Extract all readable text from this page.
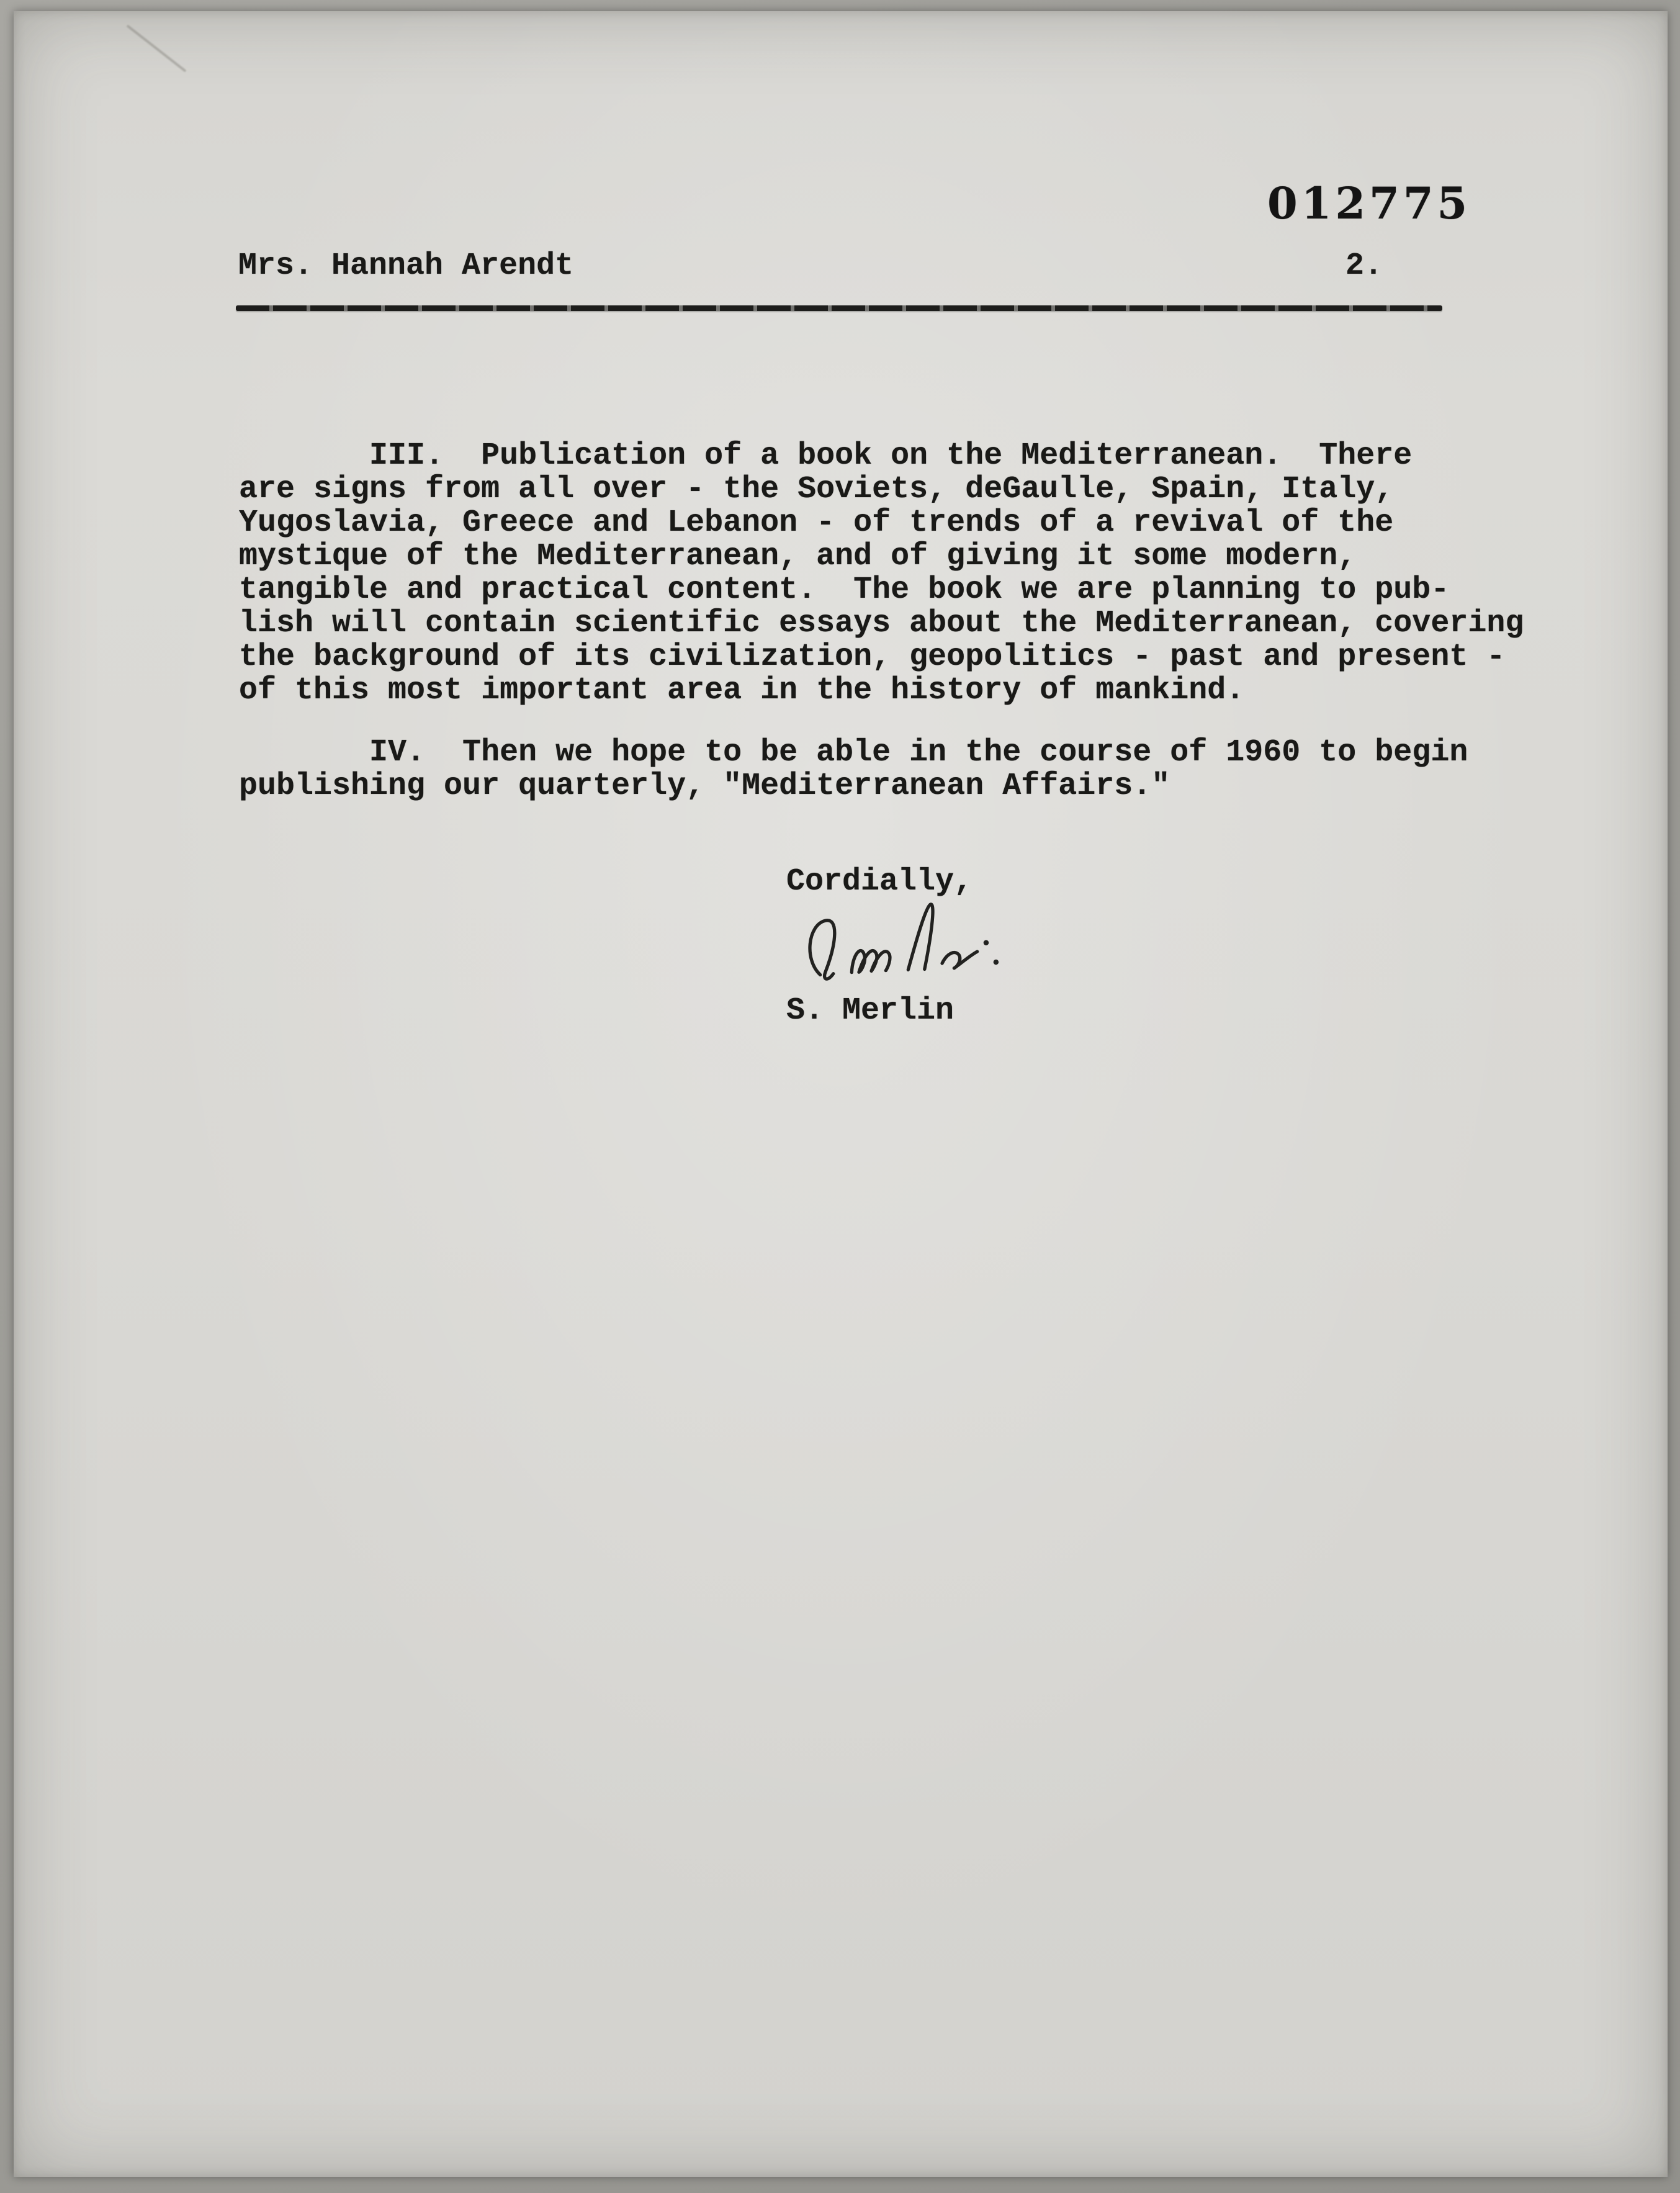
012775
Mrs. Hannah Arendt	2.
III.  Publication of a book on the Mediterranean.  There
are signs from all over - the Soviets, deGaulle, Spain, Italy,
Yugoslavia, Greece and Lebanon - of trends of a revival of the
mystique of the Mediterranean, and of giving it some modern,
tangible and practical content.  The book we are planning to pub-
lish will contain scientific essays about the Mediterranean, covering
the background of its civilization, geopolitics - past and present -
of this most important area in the history of mankind.
IV.  Then we hope to be able in the course of 1960 to begin
publishing our quarterly, "Mediterranean Affairs."
Cordially,
S. Merlin
